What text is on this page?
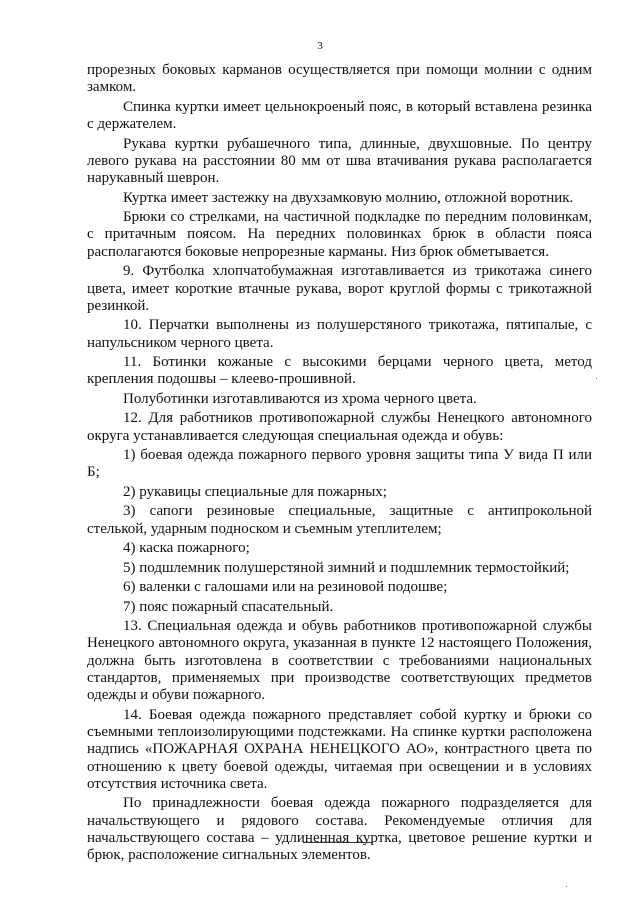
3

прорезных боковых карманов осуществляется при помощи молнии с одним замком.

Спинка куртки имеет цельнокроеный пояс, в который вставлена резинка с держателем.

Рукава куртки рубашечного типа, длинные, двухшовные. По центру левого рукава на расстоянии 80 мм от шва втачивания рукава располагается нарукавный шеврон.

Куртка имеет застежку на двухзамковую молнию, отложной воротник.

Брюки со стрелками, на частичной подкладке по передним половинкам, с притачным поясом. На передних половинках брюк в области пояса располагаются боковые непрорезные карманы. Низ брюк обметывается.

9. Футболка хлопчатобумажная изготавливается из трикотажа синего цвета, имеет короткие втачные рукава, ворот круглой формы с трикотажной резинкой.

10. Перчатки выполнены из полушерстяного трикотажа, пятипалые, с напульсником черного цвета.

11. Ботинки кожаные с высокими берцами черного цвета, метод крепления подошвы – клеево-прошивной.

Полуботинки изготавливаются из хрома черного цвета.

12. Для работников противопожарной службы Ненецкого автономного округа устанавливается следующая специальная одежда и обувь:

1) боевая одежда пожарного первого уровня защиты типа У вида П или Б;

2) рукавицы специальные для пожарных;

3) сапоги резиновые специальные, защитные с антипрокольной стелькой, ударным подноском и съемным утеплителем;

4) каска пожарного;

5) подшлемник полушерстяной зимний и подшлемник термостойкий;

6) валенки с галошами или на резиновой подошве;

7) пояс пожарный спасательный.

13. Специальная одежда и обувь работников противопожарной службы Ненецкого автономного округа, указанная в пункте 12 настоящего Положения, должна быть изготовлена в соответствии с требованиями национальных стандартов, применяемых при производстве соответствующих предметов одежды и обуви пожарного.

14. Боевая одежда пожарного представляет собой куртку и брюки со съемными теплоизолирующими подстежками. На спинке куртки расположена надпись «ПОЖАРНАЯ ОХРАНА НЕНЕЦКОГО АО», контрастного цвета по отношению к цвету боевой одежды, читаемая при освещении и в условиях отсутствия источника света.

По принадлежности боевая одежда пожарного подразделяется для начальствующего и рядового состава. Рекомендуемые отличия для начальствующего состава – удлиненная куртка, цветовое решение куртки и брюк, расположение сигнальных элементов.
